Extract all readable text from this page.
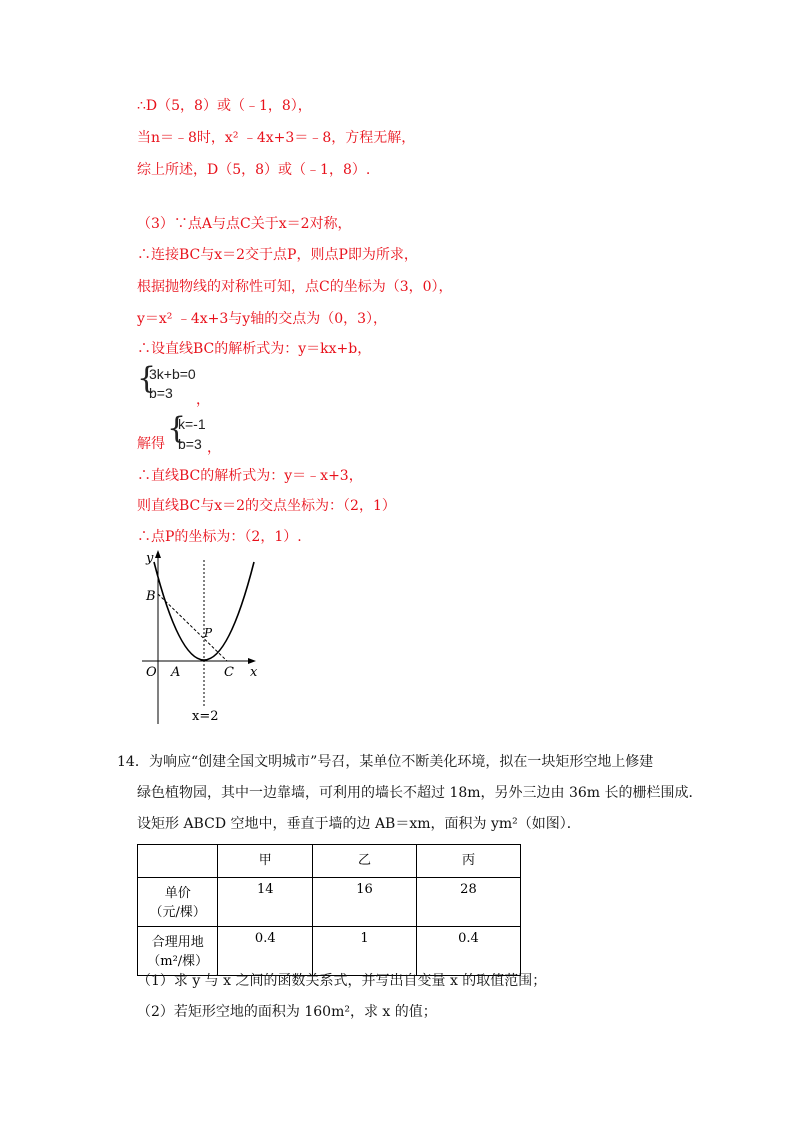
∴D（5，8）或（﹣1，8），
当n＝﹣8时，x² ﹣4x+3＝﹣8，方程无解，
综上所述，D（5，8）或（﹣1，8）.
（3）∵点A与点C关于x＝2对称，
∴连接BC与x＝2交于点P，则点P即为所求，
根据抛物线的对称性可知，点C的坐标为（3，0），
y＝x² ﹣4x+3与y轴的交点为（0，3），
∴设直线BC的解析式为：y＝kx+b，
{
3k+b=0
b=3 ，
解得 {
k=-1
b=3 ，
∴直线BC的解析式为：y＝﹣x+3，
则直线BC与x＝2的交点坐标为：（2，1）
∴点P的坐标为：（2，1）.
y
x
O A
B
C
P
x=2
14． 为响应“创建全国文明城市”号召，某单位不断美化环境，拟在一块矩形空地上修建
绿色植物园，其中一边靠墙，可利用的墙长不超过 18m，另外三边由 36m 长的栅栏围成．
设矩形 ABCD 空地中，垂直于墙的边 AB＝xm，面积为 ym²（如图）．
	甲	乙	丙

单价
（元/棵）	14	16	28

合理用地
（m²/棵）	0.4	1	0.4
（1）求 y 与 x 之间的函数关系式，并写出自变量 x 的取值范围；
（2）若矩形空地的面积为 160m²，求 x 的值；
